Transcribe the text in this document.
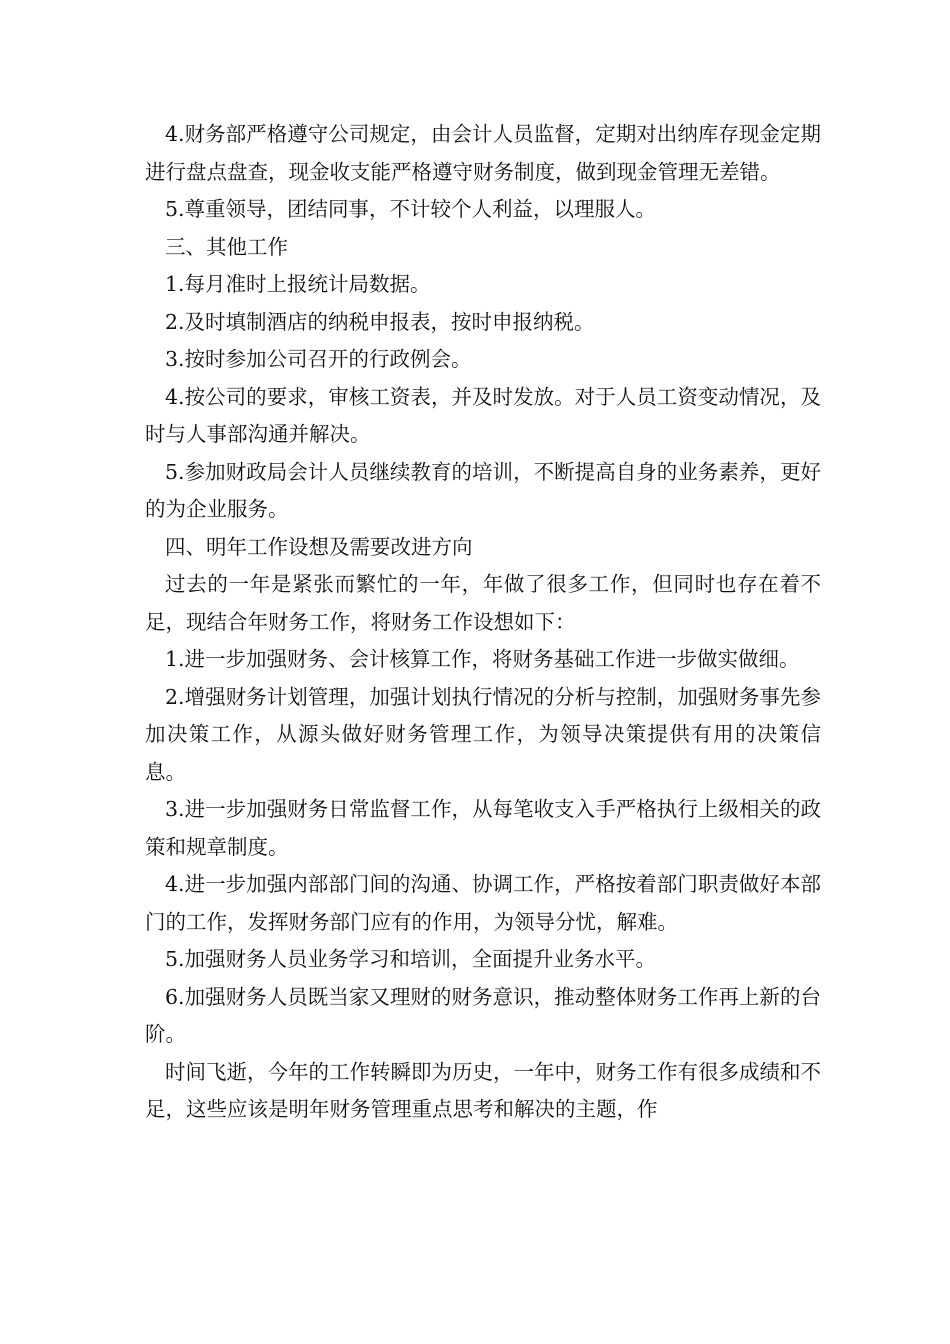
4.财务部严格遵守公司规定，由会计人员监督，定期对出纳库存现金定期进行盘点盘查，现金收支能严格遵守财务制度，做到现金管理无差错。

5.尊重领导，团结同事，不计较个人利益，以理服人。

三、其他工作

1.每月准时上报统计局数据。

2.及时填制酒店的纳税申报表，按时申报纳税。

3.按时参加公司召开的行政例会。

4.按公司的要求，审核工资表，并及时发放。对于人员工资变动情况，及时与人事部沟通并解决。

5.参加财政局会计人员继续教育的培训，不断提高自身的业务素养，更好的为企业服务。

四、明年工作设想及需要改进方向

过去的一年是紧张而繁忙的一年，年做了很多工作，但同时也存在着不足，现结合年财务工作，将财务工作设想如下：

1.进一步加强财务、会计核算工作，将财务基础工作进一步做实做细。

2.增强财务计划管理，加强计划执行情况的分析与控制，加强财务事先参加决策工作，从源头做好财务管理工作，为领导决策提供有用的决策信息。

3.进一步加强财务日常监督工作，从每笔收支入手严格执行上级相关的政策和规章制度。

4.进一步加强内部部门间的沟通、协调工作，严格按着部门职责做好本部门的工作，发挥财务部门应有的作用，为领导分忧，解难。

5.加强财务人员业务学习和培训，全面提升业务水平。

6.加强财务人员既当家又理财的财务意识，推动整体财务工作再上新的台阶。

时间飞逝，今年的工作转瞬即为历史，一年中，财务工作有很多成绩和不足，这些应该是明年财务管理重点思考和解决的主题，作
